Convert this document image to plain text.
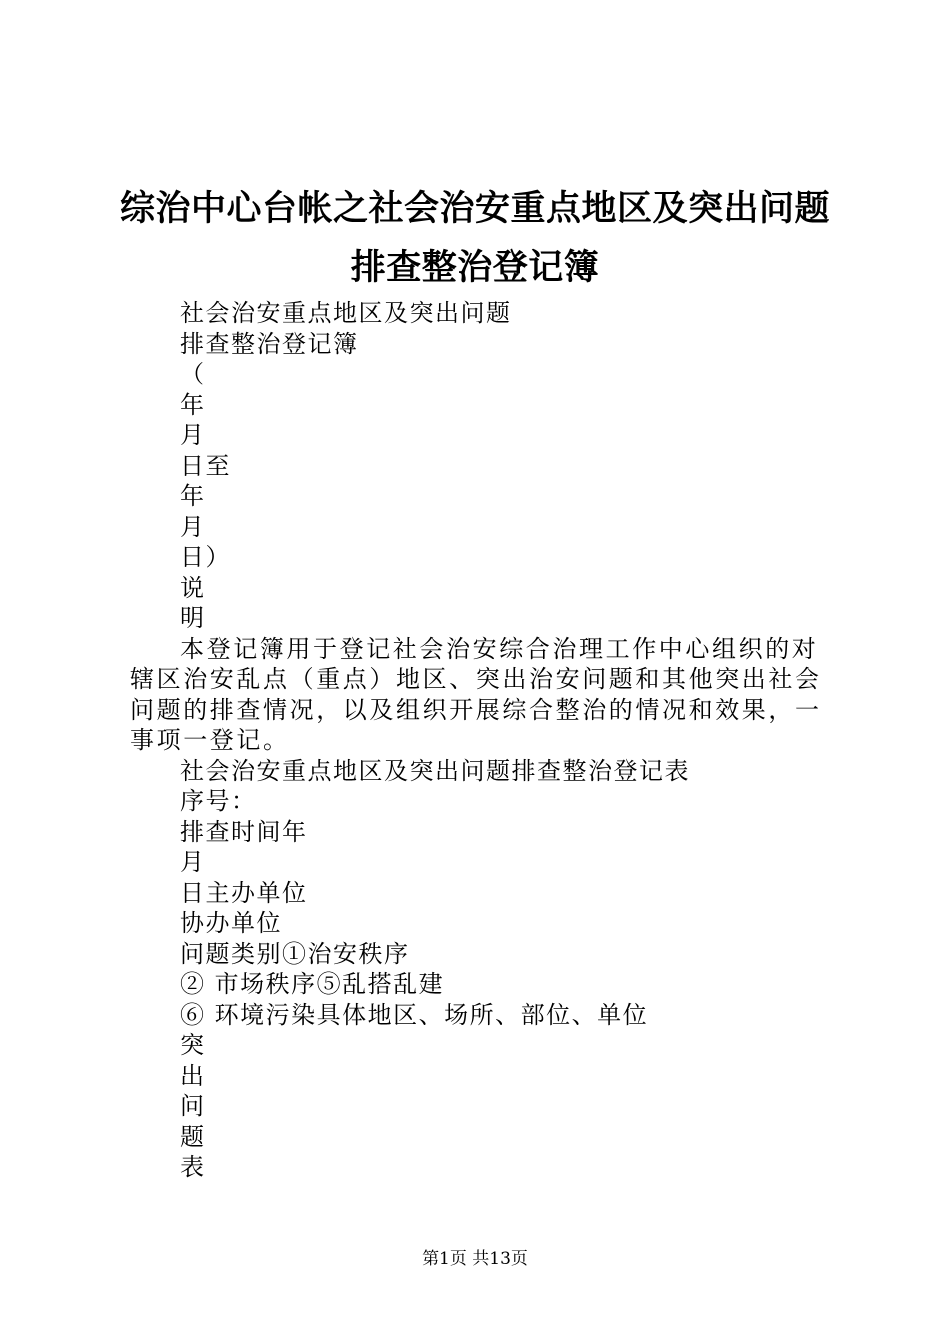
综治中心台帐之社会治安重点地区及突出问题
排查整治登记簿
社会治安重点地区及突出问题
排查整治登记簿
（
年
月
日至
年
月
日）
说
明
本登记簿用于登记社会治安综合治理工作中心组织的对辖区治安乱点（重点）地区、突出治安问题和其他突出社会问题的排查情况，以及组织开展综合整治的情况和效果，一事项一登记。
社会治安重点地区及突出问题排查整治登记表
序号：
排查时间年
月
日主办单位
协办单位
问题类别①治安秩序
② 市场秩序⑤乱搭乱建
⑥ 环境污染具体地区、场所、部位、单位
突
出
问
题
表
第1页 共13页
